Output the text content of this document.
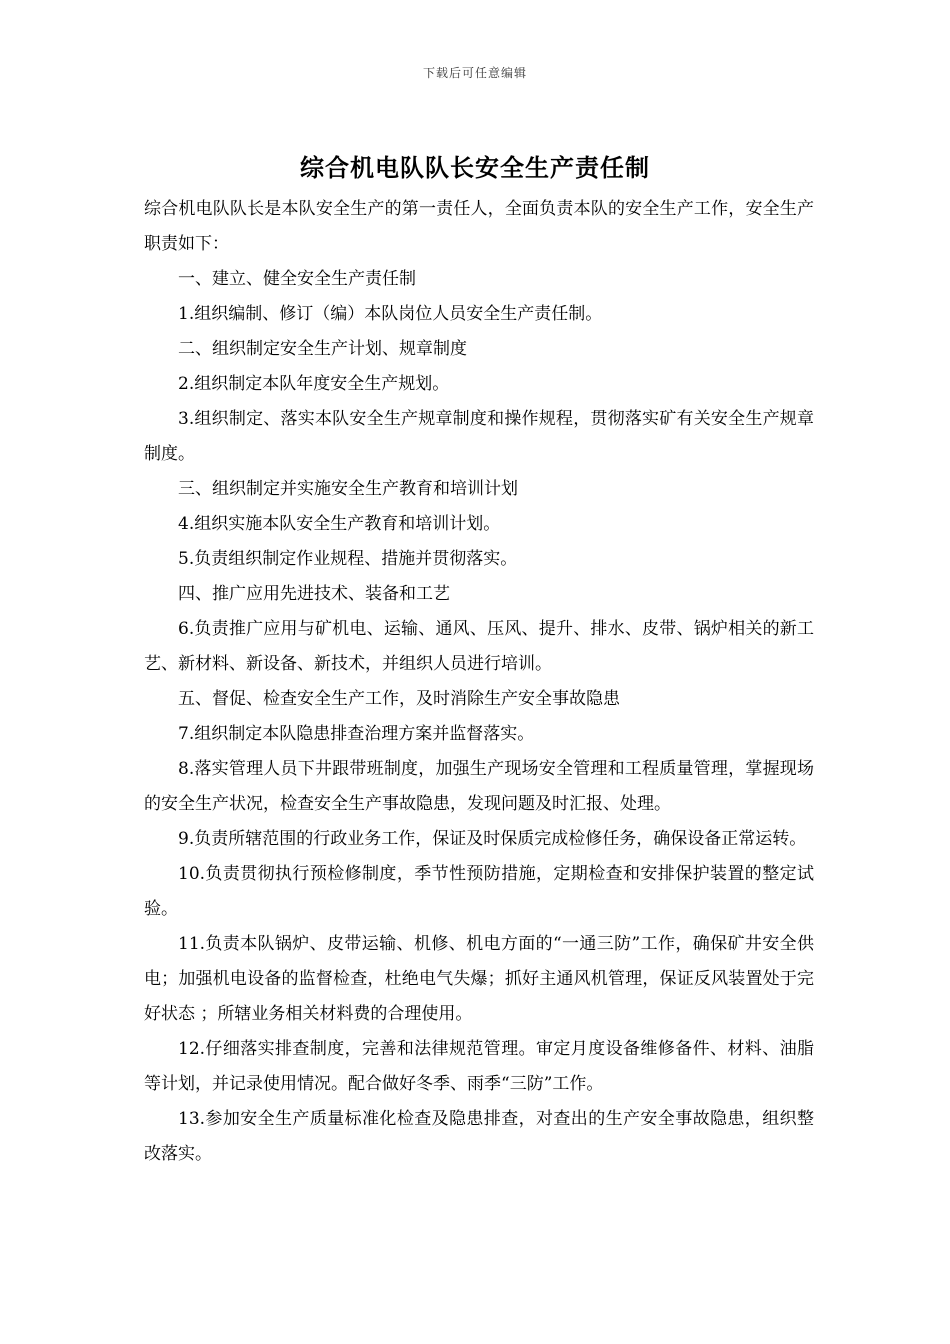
下载后可任意编辑
综合机电队队长安全生产责任制

综合机电队队长是本队安全生产的第一责任人，全面负责本队的安全生产工作，安全生产职责如下：

一、建立、健全安全生产责任制

1.组织编制、修订（编）本队岗位人员安全生产责任制。

二、组织制定安全生产计划、规章制度

2.组织制定本队年度安全生产规划。

3.组织制定、落实本队安全生产规章制度和操作规程，贯彻落实矿有关安全生产规章制度。

三、组织制定并实施安全生产教育和培训计划

4.组织实施本队安全生产教育和培训计划。

5.负责组织制定作业规程、措施并贯彻落实。

四、推广应用先进技术、装备和工艺

6.负责推广应用与矿机电、运输、通风、压风、提升、排水、皮带、锅炉相关的新工艺、新材料、新设备、新技术，并组织人员进行培训。

五、督促、检查安全生产工作，及时消除生产安全事故隐患

7.组织制定本队隐患排查治理方案并监督落实。

8.落实管理人员下井跟带班制度，加强生产现场安全管理和工程质量管理，掌握现场的安全生产状况，检查安全生产事故隐患，发现问题及时汇报、处理。

9.负责所辖范围的行政业务工作，保证及时保质完成检修任务，确保设备正常运转。

10.负责贯彻执行预检修制度，季节性预防措施，定期检查和安排保护装置的整定试验。

11.负责本队锅炉、皮带运输、机修、机电方面的“一通三防”工作，确保矿井安全供电；加强机电设备的监督检查，杜绝电气失爆；抓好主通风机管理，保证反风装置处于完好状态 ；所辖业务相关材料费的合理使用。

12.仔细落实排查制度，完善和法律规范管理。审定月度设备维修备件、材料、油脂等计划，并记录使用情况。配合做好冬季、雨季“三防”工作。

13.参加安全生产质量标准化检查及隐患排查，对查出的生产安全事故隐患，组织整改落实。
